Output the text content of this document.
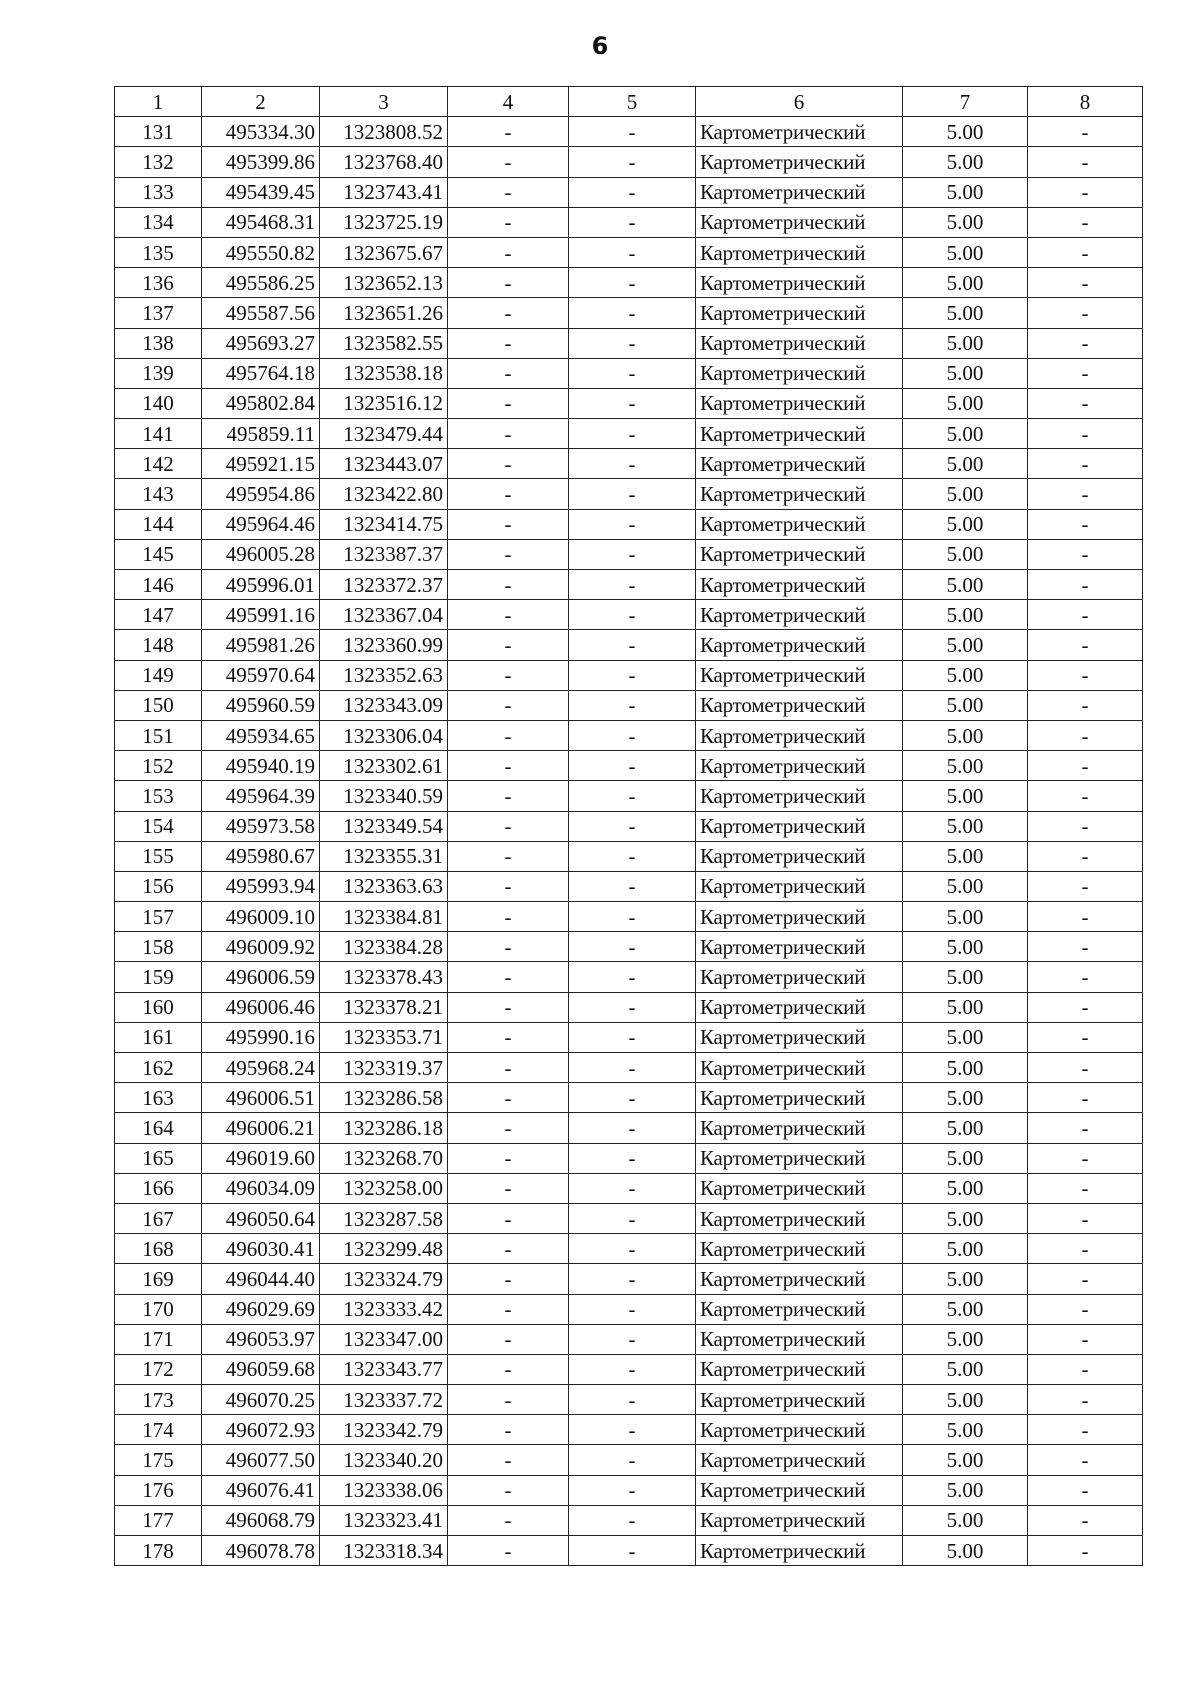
6
1	2	3	4	5	6	7	8
131	495334.30	1323808.52	-	-	Картометрический	5.00	-
132	495399.86	1323768.40	-	-	Картометрический	5.00	-
133	495439.45	1323743.41	-	-	Картометрический	5.00	-
134	495468.31	1323725.19	-	-	Картометрический	5.00	-
135	495550.82	1323675.67	-	-	Картометрический	5.00	-
136	495586.25	1323652.13	-	-	Картометрический	5.00	-
137	495587.56	1323651.26	-	-	Картометрический	5.00	-
138	495693.27	1323582.55	-	-	Картометрический	5.00	-
139	495764.18	1323538.18	-	-	Картометрический	5.00	-
140	495802.84	1323516.12	-	-	Картометрический	5.00	-
141	495859.11	1323479.44	-	-	Картометрический	5.00	-
142	495921.15	1323443.07	-	-	Картометрический	5.00	-
143	495954.86	1323422.80	-	-	Картометрический	5.00	-
144	495964.46	1323414.75	-	-	Картометрический	5.00	-
145	496005.28	1323387.37	-	-	Картометрический	5.00	-
146	495996.01	1323372.37	-	-	Картометрический	5.00	-
147	495991.16	1323367.04	-	-	Картометрический	5.00	-
148	495981.26	1323360.99	-	-	Картометрический	5.00	-
149	495970.64	1323352.63	-	-	Картометрический	5.00	-
150	495960.59	1323343.09	-	-	Картометрический	5.00	-
151	495934.65	1323306.04	-	-	Картометрический	5.00	-
152	495940.19	1323302.61	-	-	Картометрический	5.00	-
153	495964.39	1323340.59	-	-	Картометрический	5.00	-
154	495973.58	1323349.54	-	-	Картометрический	5.00	-
155	495980.67	1323355.31	-	-	Картометрический	5.00	-
156	495993.94	1323363.63	-	-	Картометрический	5.00	-
157	496009.10	1323384.81	-	-	Картометрический	5.00	-
158	496009.92	1323384.28	-	-	Картометрический	5.00	-
159	496006.59	1323378.43	-	-	Картометрический	5.00	-
160	496006.46	1323378.21	-	-	Картометрический	5.00	-
161	495990.16	1323353.71	-	-	Картометрический	5.00	-
162	495968.24	1323319.37	-	-	Картометрический	5.00	-
163	496006.51	1323286.58	-	-	Картометрический	5.00	-
164	496006.21	1323286.18	-	-	Картометрический	5.00	-
165	496019.60	1323268.70	-	-	Картометрический	5.00	-
166	496034.09	1323258.00	-	-	Картометрический	5.00	-
167	496050.64	1323287.58	-	-	Картометрический	5.00	-
168	496030.41	1323299.48	-	-	Картометрический	5.00	-
169	496044.40	1323324.79	-	-	Картометрический	5.00	-
170	496029.69	1323333.42	-	-	Картометрический	5.00	-
171	496053.97	1323347.00	-	-	Картометрический	5.00	-
172	496059.68	1323343.77	-	-	Картометрический	5.00	-
173	496070.25	1323337.72	-	-	Картометрический	5.00	-
174	496072.93	1323342.79	-	-	Картометрический	5.00	-
175	496077.50	1323340.20	-	-	Картометрический	5.00	-
176	496076.41	1323338.06	-	-	Картометрический	5.00	-
177	496068.79	1323323.41	-	-	Картометрический	5.00	-
178	496078.78	1323318.34	-	-	Картометрический	5.00	-
